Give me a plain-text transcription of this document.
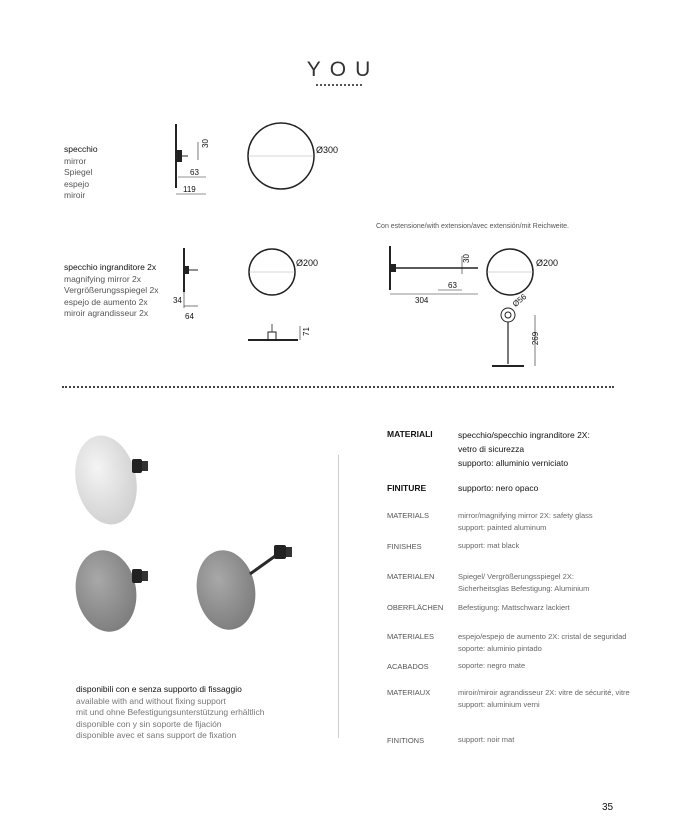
YOU
specchio
mirror
Spiegel
espejo
miroir
30
63
119
Ø300
Con estensione/with extension/avec extensión/mit Reichweite.
specchio ingranditore 2x
magnifying mirror 2x
Vergrößerungsspiegel 2x
espejo de aumento 2x
miroir agrandisseur 2x
34
64
Ø200
71
30
63
304
269
Ø200
Ø56
disponibili con e senza supporto di fissaggio
available with and without fixing support
mit und ohne Befestigungsunterstützung erhältlich
disponible con y sin soporte de fijación
disponible avec et sans support de fixation
MATERIALI	specchio/specchio ingranditore 2X:
vetro di sicurezza
supporto: alluminio verniciato
FINITURE	supporto: nero opaco
MATERIALS	mirror/magnifying mirror 2X: safety glass
support: painted aluminum
FINISHES	support: mat black
MATERIALEN	Spiegel/ Vergrößerungsspiegel 2X:
Sicherheitsglas Befestigung: Aluminium
OBERFLÄCHEN Befestigung: Mattschwarz lackiert
MATERIALES	espejo/espejo de aumento 2X: cristal de seguridad
soporte: aluminio pintado
ACABADOS	soporte: negro mate
MATERIAUX	miroir/miroir agrandisseur 2X: vitre de sécurité, vitre
support: aluminium verni
FINITIONS	support: noir mat
35
